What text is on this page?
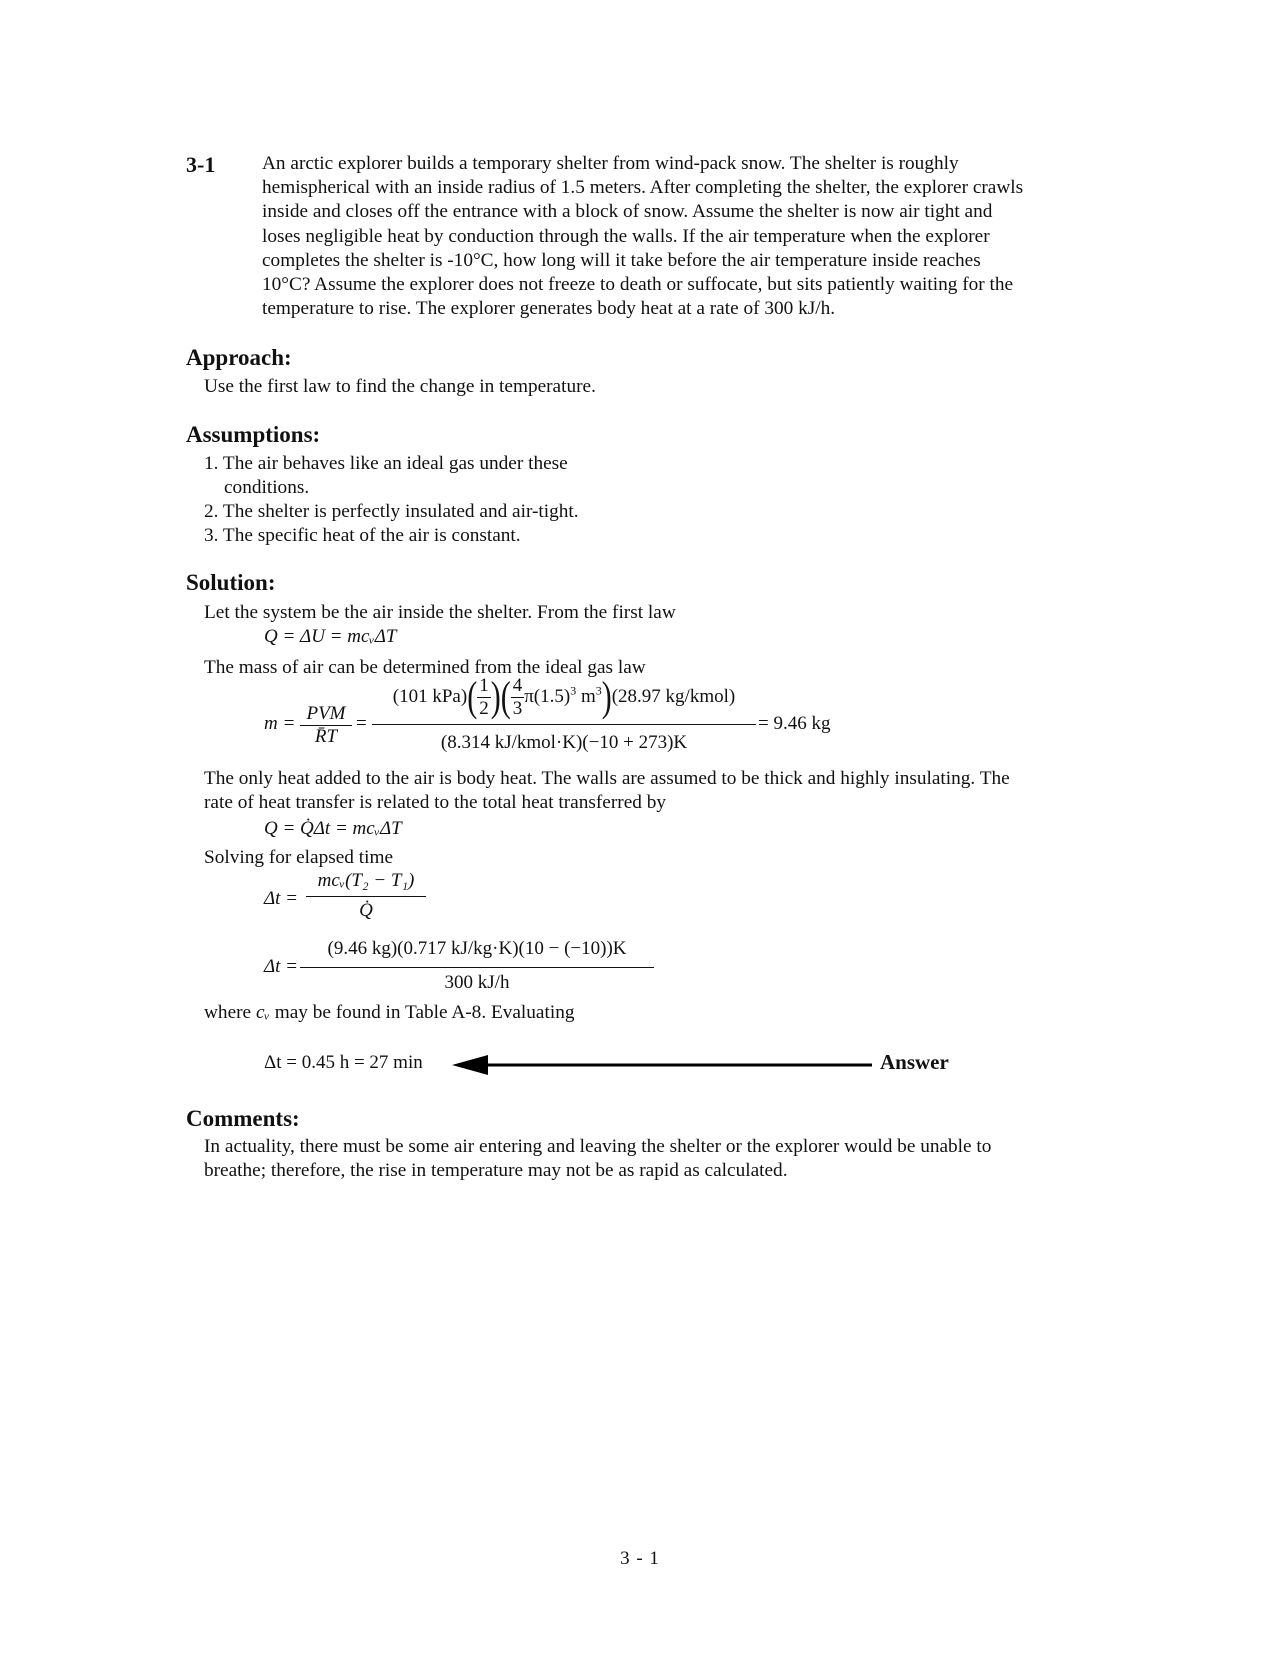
3-1 An arctic explorer builds a temporary shelter from wind-pack snow. The shelter is roughly
hemispherical with an inside radius of 1.5 meters. After completing the shelter, the explorer crawls
inside and closes off the entrance with a block of snow. Assume the shelter is now air tight and
loses negligible heat by conduction through the walls. If the air temperature when the explorer
completes the shelter is -10°C, how long will it take before the air temperature inside reaches
10°C? Assume the explorer does not freeze to death or suffocate, but sits patiently waiting for the
temperature to rise. The explorer generates body heat at a rate of 300 kJ/h.
Approach:
Use the first law to find the change in temperature.
Assumptions:
1. The air behaves like an ideal gas under these
conditions.
2. The shelter is perfectly insulated and air-tight.
3. The specific heat of the air is constant.
Solution:
Let the system be the air inside the shelter. From the first law
Q = ΔU = mcᵥΔT
The mass of air can be determined from the ideal gas law
m = PVM
R̄T
=
(101 $kPa)( \frac{1}{2}$ )( $\frac{4}{3} \pi(1.5)^3$ $m^3)(28.97$ kg/kmol)
(8.314 kJ/kmol·K)(−10 + 273)K
= 9.46 kg
The only heat added to the air is body heat. The walls are assumed to be thick and highly insulating. The
rate of heat transfer is related to the total heat transferred by
Q = Q̇Δt = mcᵥΔT
Solving for elapsed time
Δt =
mcᵥ(T₂ − T₁)
Q̇
Δt =
(9.46 kg)(0.717 kJ/kg·K)(10 − (−10))K
300 kJ/h
where cᵥ may be found in Table A-8. Evaluating
Δt = 0.45 h = 27 min	Answer
Comments:
In actuality, there must be some air entering and leaving the shelter or the explorer would be unable to
breathe; therefore, the rise in temperature may not be as rapid as calculated.
3 - 1
